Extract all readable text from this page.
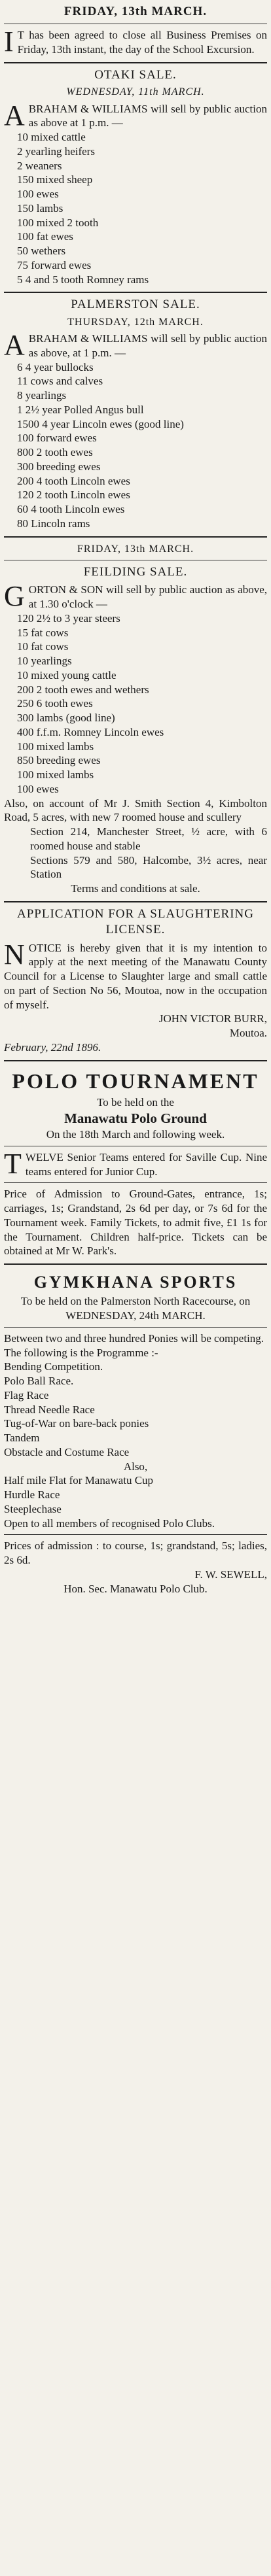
FRIDAY, 13th MARCH.

I T has been agreed to close all Business Premises on Friday, 13th instant, the day of the School Excursion.

OTAKI SALE.
WEDNESDAY, 11th MARCH.

ABRAHAM & WILLIAMS will sell by public auction as above at 1 p.m. —

10 mixed cattle

2 yearling heifers

2 weaners

150 mixed sheep

100 ewes

150 lambs

100 mixed 2 tooth

100 fat ewes

50 wethers

75 forward ewes

5 4 and 5 tooth Romney rams

PALMERSTON SALE.
THURSDAY, 12th MARCH.

ABRAHAM & WILLIAMS will sell by public auction as above, at 1 p.m. —

6 4 year bullocks

11 cows and calves

8 yearlings

1 2½ year Polled Angus bull

1500 4 year Lincoln ewes (good line)

100 forward ewes

800 2 tooth ewes

300 breeding ewes

200 4 tooth Lincoln ewes

120 2 tooth Lincoln ewes

60 4 tooth Lincoln ewes

80 Lincoln rams

FRIDAY, 13th MARCH.
FEILDING SALE.

GORTON & SON will sell by public auction as above, at 1.30 o'clock —

120 2½ to 3 year steers

15 fat cows

10 fat cows

10 yearlings

10 mixed young cattle

200 2 tooth ewes and wethers

250 6 tooth ewes

300 lambs (good line)

400 f.f.m. Romney Lincoln ewes

100 mixed lambs

850 breeding ewes

100 mixed lambs

100 ewes

Also, on account of Mr J. Smith Section 4, Kimbolton Road, 5 acres, with new 7 roomed house and scullery

Section 214, Manchester Street, ½ acre, with 6 roomed house and stable

Sections 579 and 580, Halcombe, 3½ acres, near Station

Terms and conditions at sale.

APPLICATION FOR A SLAUGHTERING LICENSE.

NOTICE is hereby given that it is my intention to apply at the next meeting of the Manawatu County Council for a License to Slaughter large and small cattle on part of Section No 56, Moutoa, now in the occupation of myself.

JOHN VICTOR BURR,

Moutoa.

February, 22nd 1896.

POLO TOURNAMENT

To be held on the

Manawatu Polo Ground

On the 18th March and following week.

TWELVE Senior Teams entered for Saville Cup. Nine teams entered for Junior Cup.

Price of Admission to Ground-Gates, entrance, 1s; carriages, 1s; Grandstand, 2s 6d per day, or 7s 6d for the Tournament week. Family Tickets, to admit five, £1 1s for the Tournament. Children half-price. Tickets can be obtained at Mr W. Park's.

GYMKHANA SPORTS

To be held on the Palmerston North Racecourse, on

WEDNESDAY, 24th MARCH.

Between two and three hundred Ponies will be competing.

The following is the Programme :-

Bending Competition.

Polo Ball Race.

Flag Race

Thread Needle Race

Tug-of-War on bare-back ponies

Tandem

Obstacle and Costume Race

Also,

Half mile Flat for Manawatu Cup

Hurdle Race

Steeplechase

Open to all members of recognised Polo Clubs.

Prices of admission : to course, 1s; grandstand, 5s; ladies, 2s 6d.

F. W. SEWELL,

Hon. Sec. Manawatu Polo Club.
